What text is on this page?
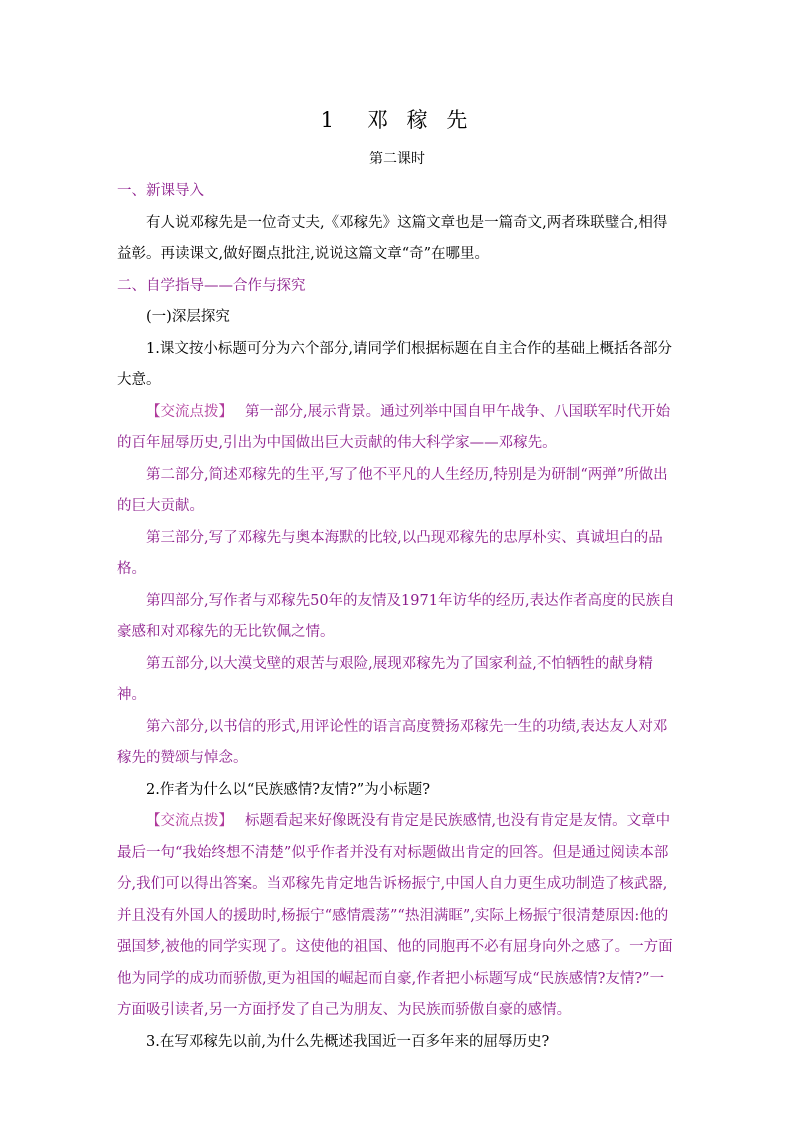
1　邓 稼 先
第二课时

一、新课导入

有人说邓稼先是一位奇丈夫,《邓稼先》这篇文章也是一篇奇文,两者珠联璧合,相得益彰。再读课文,做好圈点批注,说说这篇文章“奇”在哪里。

二、自学指导——合作与探究

(一)深层探究

1.课文按小标题可分为六个部分,请同学们根据标题在自主合作的基础上概括各部分大意。

【交流点拨】 第一部分,展示背景。通过列举中国自甲午战争、八国联军时代开始的百年屈辱历史,引出为中国做出巨大贡献的伟大科学家——邓稼先。

第二部分,简述邓稼先的生平,写了他不平凡的人生经历,特别是为研制“两弹”所做出的巨大贡献。

第三部分,写了邓稼先与奥本海默的比较,以凸现邓稼先的忠厚朴实、真诚坦白的品格。

第四部分,写作者与邓稼先50年的友情及1971年访华的经历,表达作者高度的民族自豪感和对邓稼先的无比钦佩之情。

第五部分,以大漠戈壁的艰苦与艰险,展现邓稼先为了国家利益,不怕牺牲的献身精神。

第六部分,以书信的形式,用评论性的语言高度赞扬邓稼先一生的功绩,表达友人对邓稼先的赞颂与悼念。

2.作者为什么以“民族感情?友情?”为小标题?

【交流点拨】 标题看起来好像既没有肯定是民族感情,也没有肯定是友情。文章中最后一句“我始终想不清楚”似乎作者并没有对标题做出肯定的回答。但是通过阅读本部分,我们可以得出答案。当邓稼先肯定地告诉杨振宁,中国人自力更生成功制造了核武器,并且没有外国人的援助时,杨振宁“感情震荡”“热泪满眶”,实际上杨振宁很清楚原因:他的强国梦,被他的同学实现了。这使他的祖国、他的同胞再不必有屈身向外之感了。一方面他为同学的成功而骄傲,更为祖国的崛起而自豪,作者把小标题写成“民族感情?友情?”一方面吸引读者,另一方面抒发了自己为朋友、为民族而骄傲自豪的感情。

3.在写邓稼先以前,为什么先概述我国近一百多年来的屈辱历史?
